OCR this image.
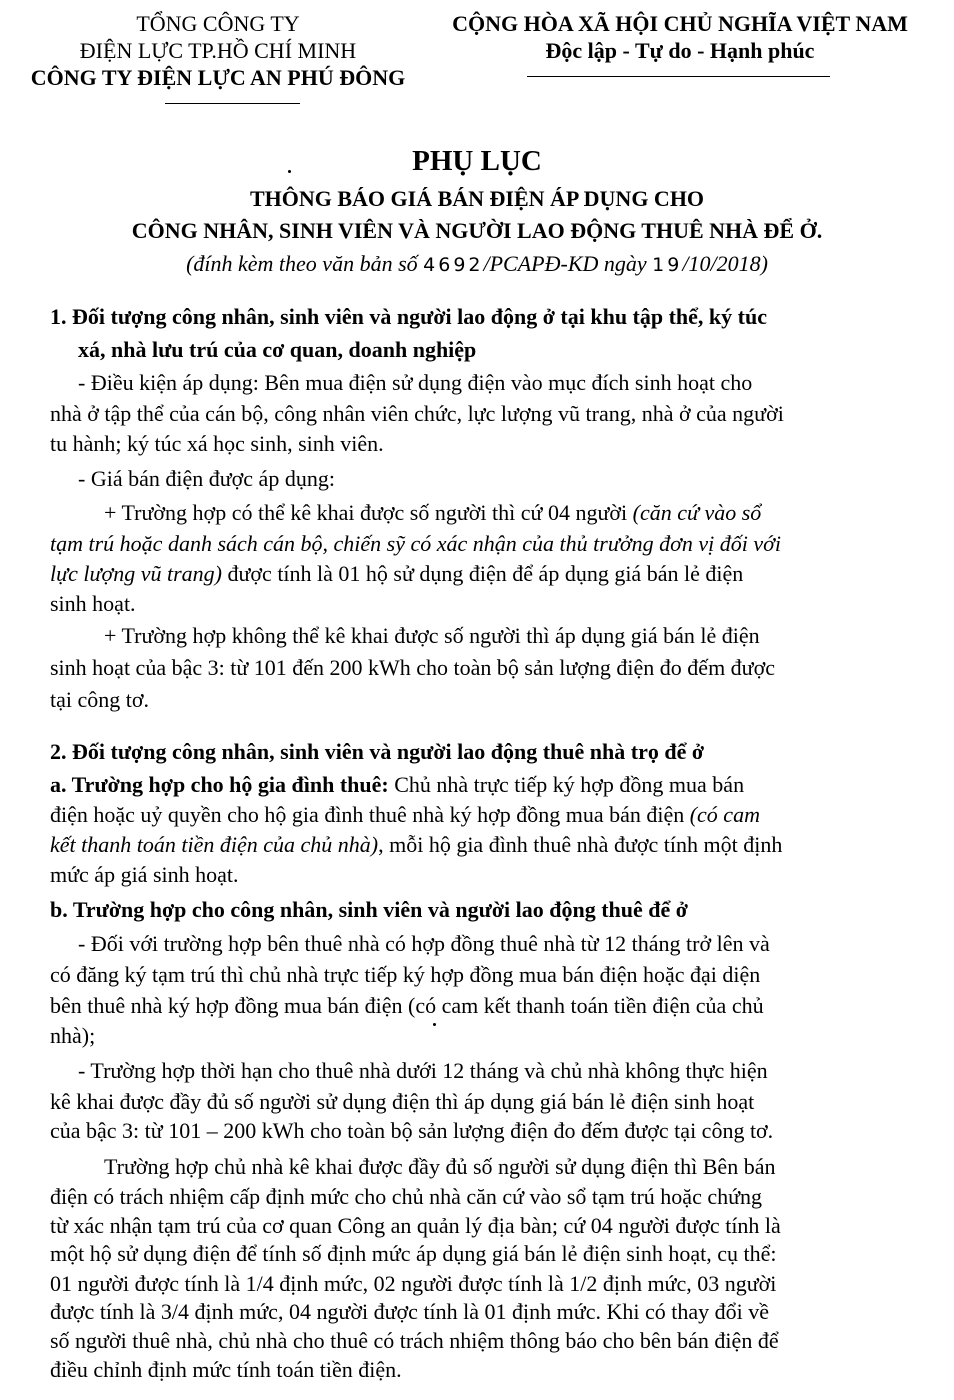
TỔNG CÔNG TY
ĐIỆN LỰC TP.HỒ CHÍ MINH
CÔNG TY ĐIỆN LỰC AN PHÚ ĐÔNG
CỘNG HÒA XÃ HỘI CHỦ NGHĨA VIỆT NAM
Độc lập - Tự do - Hạnh phúc
PHỤ LỤC
THÔNG BÁO GIÁ BÁN ĐIỆN ÁP DỤNG CHO
CÔNG NHÂN, SINH VIÊN VÀ NGƯỜI LAO ĐỘNG THUÊ NHÀ ĐỂ Ở.
(đính kèm theo văn bản số 4692/PCAPĐ-KD ngày 19/10/2018)
1. Đối tượng công nhân, sinh viên và người lao động ở tại khu tập thể, ký túc
xá, nhà lưu trú của cơ quan, doanh nghiệp
- Điều kiện áp dụng: Bên mua điện sử dụng điện vào mục đích sinh hoạt cho
nhà ở tập thể của cán bộ, công nhân viên chức, lực lượng vũ trang, nhà ở của người
tu hành; ký túc xá học sinh, sinh viên.
- Giá bán điện được áp dụng:
+ Trường hợp có thể kê khai được số người thì cứ 04 người (căn cứ vào sổ
tạm trú hoặc danh sách cán bộ, chiến sỹ có xác nhận của thủ trưởng đơn vị đối với
lực lượng vũ trang) được tính là 01 hộ sử dụng điện để áp dụng giá bán lẻ điện
sinh hoạt.
+ Trường hợp không thể kê khai được số người thì áp dụng giá bán lẻ điện
sinh hoạt của bậc 3: từ 101 đến 200 kWh cho toàn bộ sản lượng điện đo đếm được
tại công tơ.
2. Đối tượng công nhân, sinh viên và người lao động thuê nhà trọ để ở
a. Trường hợp cho hộ gia đình thuê: Chủ nhà trực tiếp ký hợp đồng mua bán
điện hoặc uỷ quyền cho hộ gia đình thuê nhà ký hợp đồng mua bán điện (có cam
kết thanh toán tiền điện của chủ nhà), mỗi hộ gia đình thuê nhà được tính một định
mức áp giá sinh hoạt.
b. Trường hợp cho công nhân, sinh viên và người lao động thuê để ở
- Đối với trường hợp bên thuê nhà có hợp đồng thuê nhà từ 12 tháng trở lên và
có đăng ký tạm trú thì chủ nhà trực tiếp ký hợp đồng mua bán điện hoặc đại diện
bên thuê nhà ký hợp đồng mua bán điện (có cam kết thanh toán tiền điện của chủ
nhà);
- Trường hợp thời hạn cho thuê nhà dưới 12 tháng và chủ nhà không thực hiện
kê khai được đầy đủ số người sử dụng điện thì áp dụng giá bán lẻ điện sinh hoạt
của bậc 3: từ 101 – 200 kWh cho toàn bộ sản lượng điện đo đếm được tại công tơ.
Trường hợp chủ nhà kê khai được đầy đủ số người sử dụng điện thì Bên bán
điện có trách nhiệm cấp định mức cho chủ nhà căn cứ vào sổ tạm trú hoặc chứng
từ xác nhận tạm trú của cơ quan Công an quản lý địa bàn; cứ 04 người được tính là
một hộ sử dụng điện để tính số định mức áp dụng giá bán lẻ điện sinh hoạt, cụ thể:
01 người được tính là 1/4 định mức, 02 người được tính là 1/2 định mức, 03 người
được tính là 3/4 định mức, 04 người được tính là 01 định mức. Khi có thay đổi về
số người thuê nhà, chủ nhà cho thuê có trách nhiệm thông báo cho bên bán điện để
điều chỉnh định mức tính toán tiền điện.
